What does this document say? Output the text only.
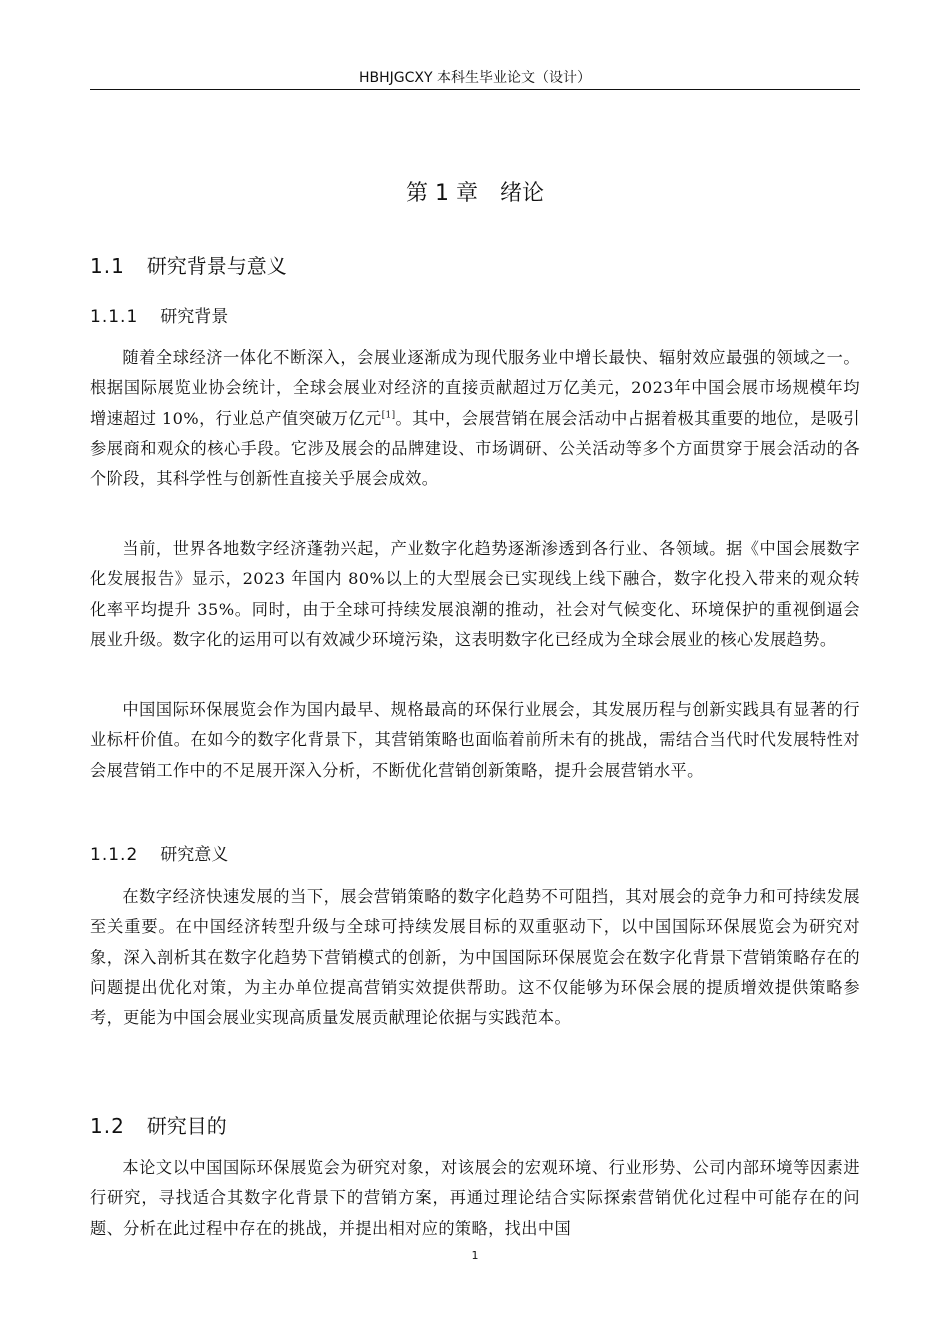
HBHJGCXY 本科生毕业论文（设计）
第 1 章　绪论
1.1 研究背景与意义
1.1.1 研究背景

随着全球经济一体化不断深入，会展业逐渐成为现代服务业中增长最快、辐射效应最强的领域之一。根据国际展览业协会统计，全球会展业对经济的直接贡献超过万亿美元，2023年中国会展市场规模年均增速超过 10%，行业总产值突破万亿元[1]。其中，会展营销在展会活动中占据着极其重要的地位，是吸引参展商和观众的核心手段。它涉及展会的品牌建设、市场调研、公关活动等多个方面贯穿于展会活动的各个阶段，其科学性与创新性直接关乎展会成效。

当前，世界各地数字经济蓬勃兴起，产业数字化趋势逐渐渗透到各行业、各领域。据《中国会展数字化发展报告》显示，2023 年国内 80%以上的大型展会已实现线上线下融合，数字化投入带来的观众转化率平均提升 35%。同时，由于全球可持续发展浪潮的推动，社会对气候变化、环境保护的重视倒逼会展业升级。数字化的运用可以有效减少环境污染，这表明数字化已经成为全球会展业的核心发展趋势。

中国国际环保展览会作为国内最早、规格最高的环保行业展会，其发展历程与创新实践具有显著的行业标杆价值。在如今的数字化背景下，其营销策略也面临着前所未有的挑战，需结合当代时代发展特性对会展营销工作中的不足展开深入分析，不断优化营销创新策略，提升会展营销水平。

1.1.2 研究意义

在数字经济快速发展的当下，展会营销策略的数字化趋势不可阻挡，其对展会的竞争力和可持续发展至关重要。在中国经济转型升级与全球可持续发展目标的双重驱动下，以中国国际环保展览会为研究对象，深入剖析其在数字化趋势下营销模式的创新，为中国国际环保展览会在数字化背景下营销策略存在的问题提出优化对策，为主办单位提高营销实效提供帮助。这不仅能够为环保会展的提质增效提供策略参考，更能为中国会展业实现高质量发展贡献理论依据与实践范本。

1.2 研究目的

本论文以中国国际环保展览会为研究对象，对该展会的宏观环境、行业形势、公司内部环境等因素进行研究，寻找适合其数字化背景下的营销方案，再通过理论结合实际探索营销优化过程中可能存在的问题、分析在此过程中存在的挑战，并提出相对应的策略，找出中国

1
